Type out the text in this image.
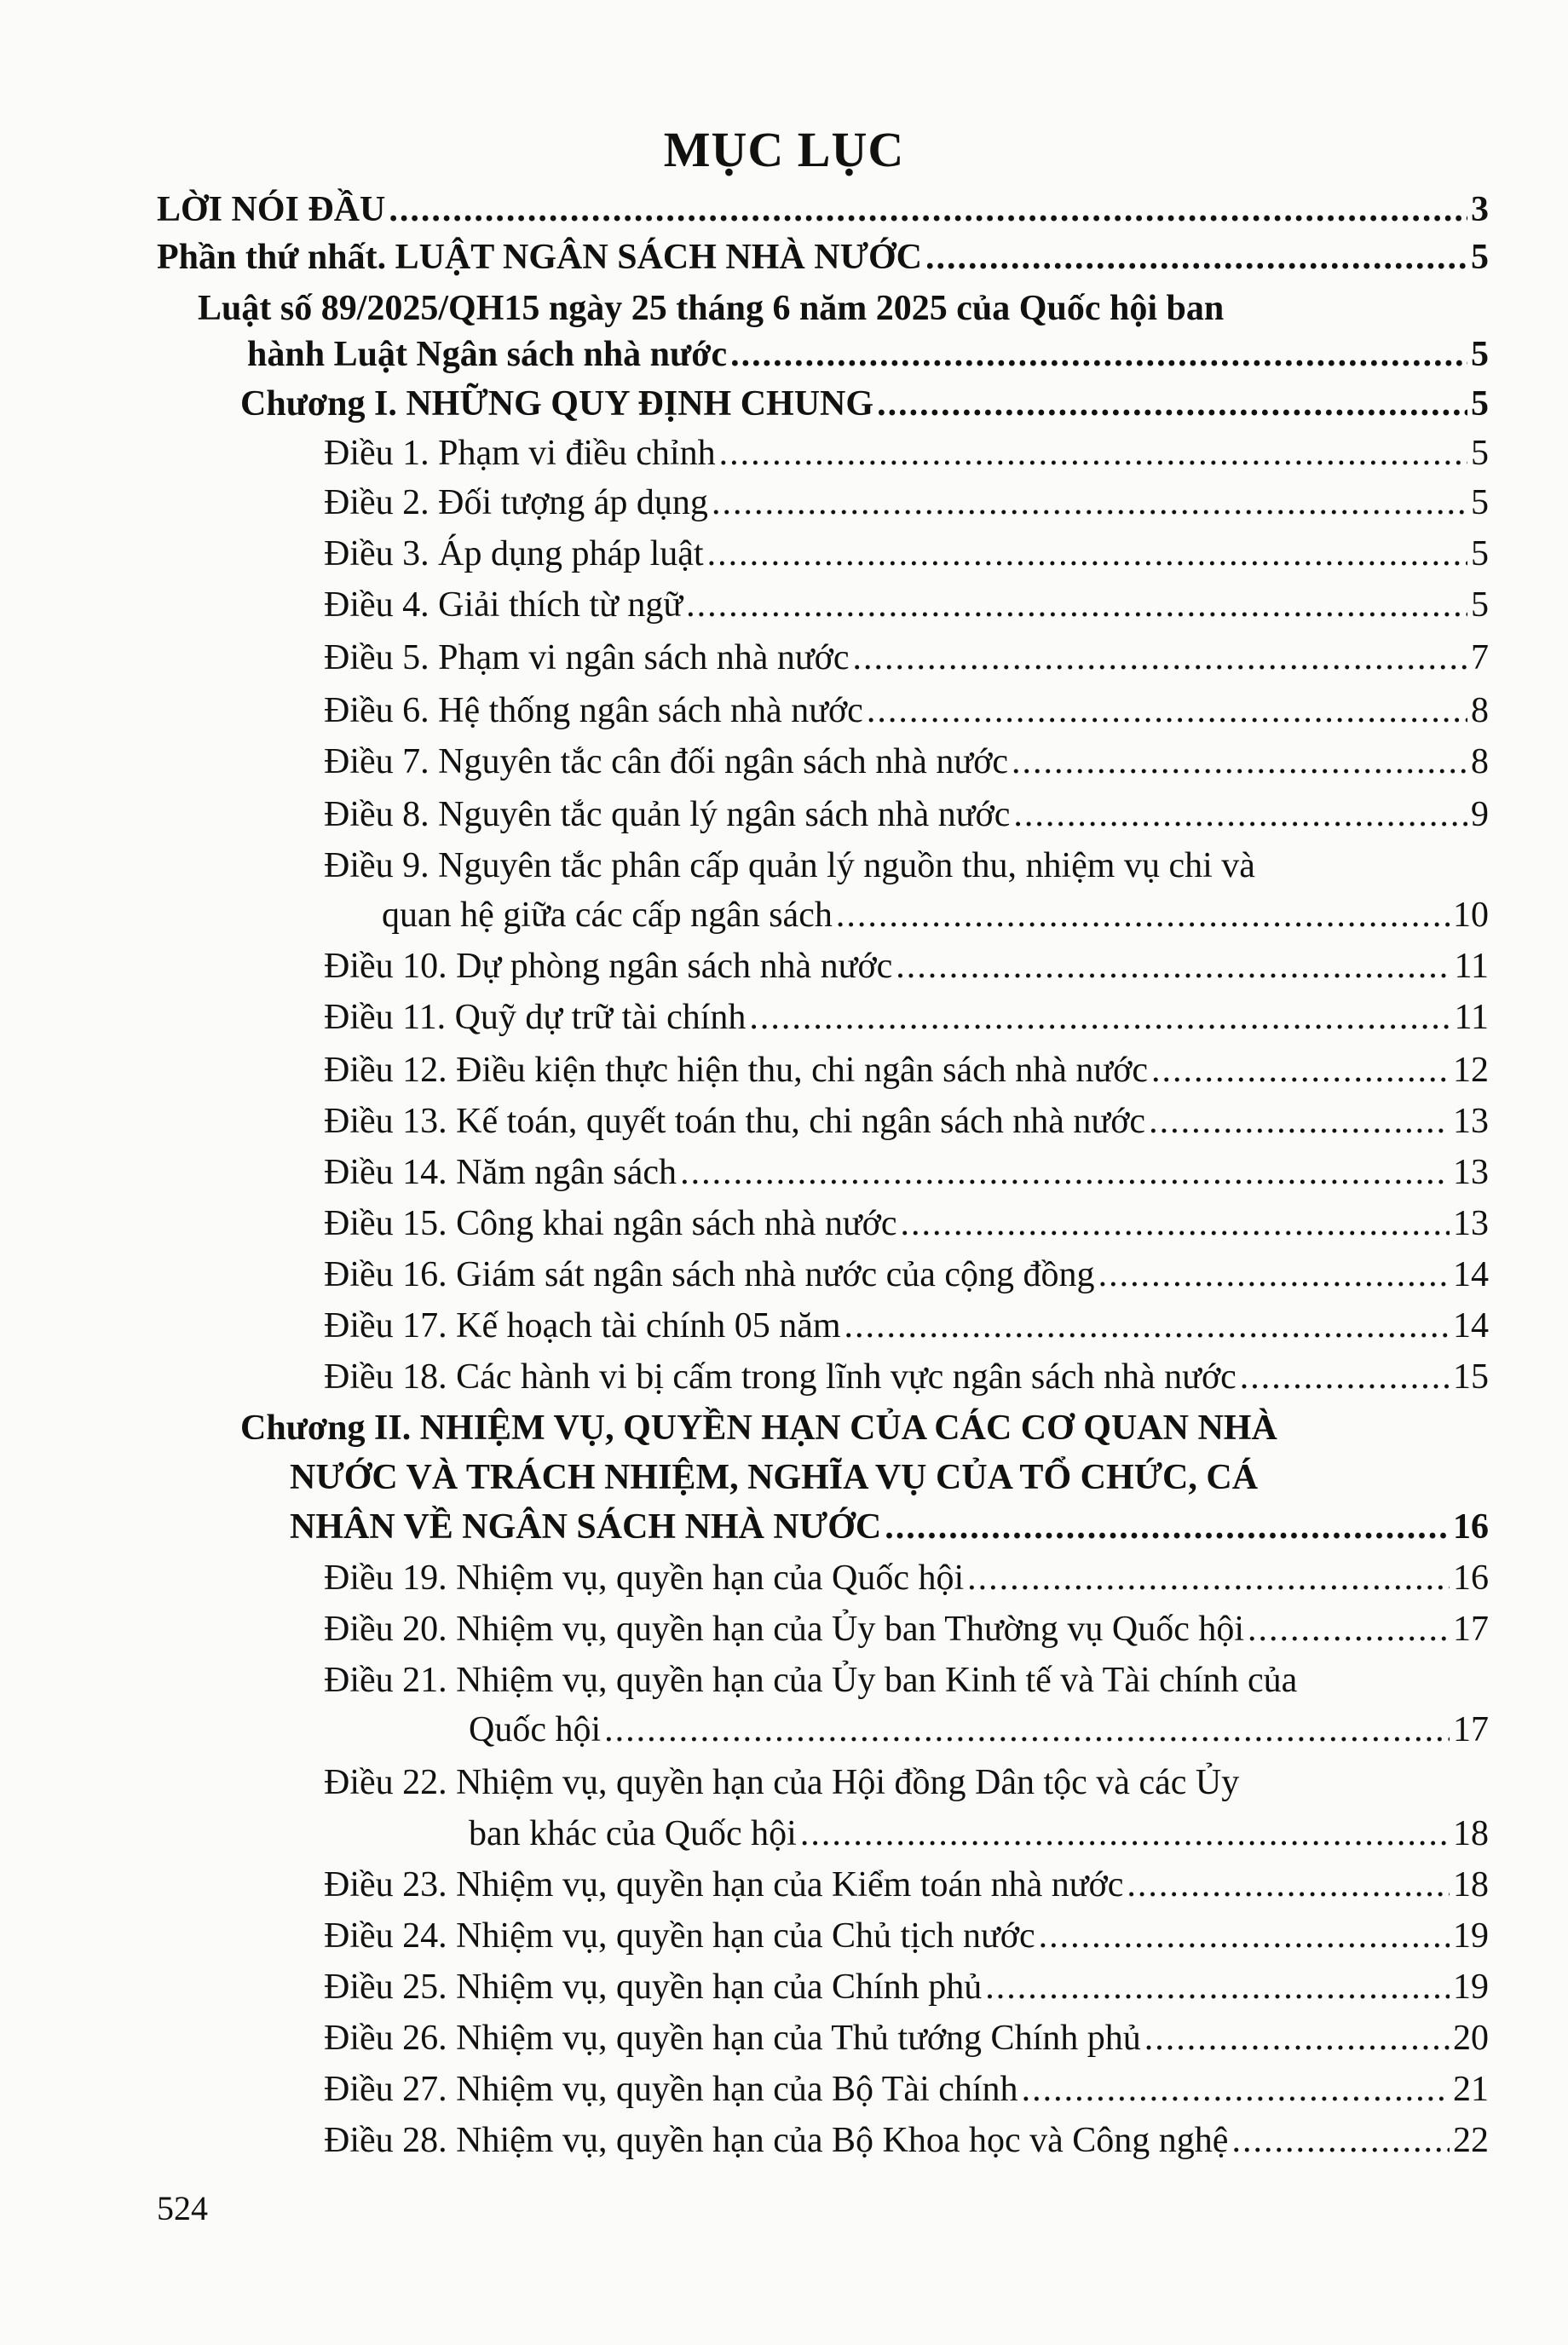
MỤC LỤC
LỜI NÓI ĐẦU .....	3
Phần thứ nhất. LUẬT NGÂN SÁCH NHÀ NƯỚC .....	5
Luật số 89/2025/QH15 ngày 25 tháng 6 năm 2025 của Quốc hội ban
hành Luật Ngân sách nhà nước .....	5
Chương I. NHỮNG QUY ĐỊNH CHUNG .....	5
Điều 1. Phạm vi điều chỉnh .....	5
Điều 2. Đối tượng áp dụng .....	5
Điều 3. Áp dụng pháp luật .....	5
Điều 4. Giải thích từ ngữ .....	5
Điều 5. Phạm vi ngân sách nhà nước .....	7
Điều 6. Hệ thống ngân sách nhà nước .....	8
Điều 7. Nguyên tắc cân đối ngân sách nhà nước .....	8
Điều 8. Nguyên tắc quản lý ngân sách nhà nước .....	9
Điều 9. Nguyên tắc phân cấp quản lý nguồn thu, nhiệm vụ chi và
quan hệ giữa các cấp ngân sách .....	10
Điều 10. Dự phòng ngân sách nhà nước .....	11
Điều 11. Quỹ dự trữ tài chính .....	11
Điều 12. Điều kiện thực hiện thu, chi ngân sách nhà nước .....	12
Điều 13. Kế toán, quyết toán thu, chi ngân sách nhà nước .....	13
Điều 14. Năm ngân sách .....	13
Điều 15. Công khai ngân sách nhà nước .....	13
Điều 16. Giám sát ngân sách nhà nước của cộng đồng .....	14
Điều 17. Kế hoạch tài chính 05 năm .....	14
Điều 18. Các hành vi bị cấm trong lĩnh vực ngân sách nhà nước .....	15
Chương II. NHIỆM VỤ, QUYỀN HẠN CỦA CÁC CƠ QUAN NHÀ
NƯỚC VÀ TRÁCH NHIỆM, NGHĨA VỤ CỦA TỔ CHỨC, CÁ
NHÂN VỀ NGÂN SÁCH NHÀ NƯỚC .....	16
Điều 19. Nhiệm vụ, quyền hạn của Quốc hội .....	16
Điều 20. Nhiệm vụ, quyền hạn của Ủy ban Thường vụ Quốc hội .....	17
Điều 21. Nhiệm vụ, quyền hạn của Ủy ban Kinh tế và Tài chính của
Quốc hội .....	17
Điều 22. Nhiệm vụ, quyền hạn của Hội đồng Dân tộc và các Ủy
ban khác của Quốc hội .....	18
Điều 23. Nhiệm vụ, quyền hạn của Kiểm toán nhà nước .....	18
Điều 24. Nhiệm vụ, quyền hạn của Chủ tịch nước .....	19
Điều 25. Nhiệm vụ, quyền hạn của Chính phủ .....	19
Điều 26. Nhiệm vụ, quyền hạn của Thủ tướng Chính phủ .....	20
Điều 27. Nhiệm vụ, quyền hạn của Bộ Tài chính .....	21
Điều 28. Nhiệm vụ, quyền hạn của Bộ Khoa học và Công nghệ .....	22
524
